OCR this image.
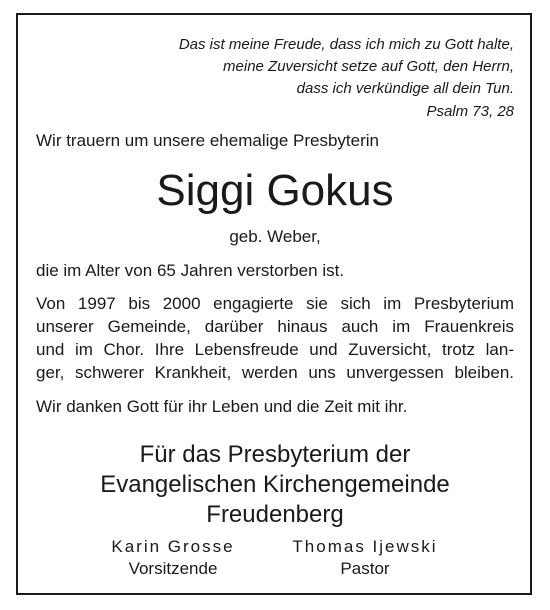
Das ist meine Freude, dass ich mich zu Gott halte,
meine Zuversicht setze auf Gott, den Herrn,
dass ich verkündige all dein Tun.
Psalm 73, 28
Wir trauern um unsere ehemalige Presbyterin
Siggi Gokus
geb. Weber,
die im Alter von 65 Jahren verstorben ist.
Von 1997 bis 2000 engagierte sie sich im Presbyterium
unserer Gemeinde, darüber hinaus auch im Frauenkreis
und im Chor. Ihre Lebensfreude und Zuversicht, trotz lan-
ger, schwerer Krankheit, werden uns unvergessen bleiben.
Wir danken Gott für ihr Leben und die Zeit mit ihr.
Für das Presbyterium der
Evangelischen Kirchengemeinde
Freudenberg
Karin Grosse
Vorsitzende
Thomas Ijewski
Pastor
